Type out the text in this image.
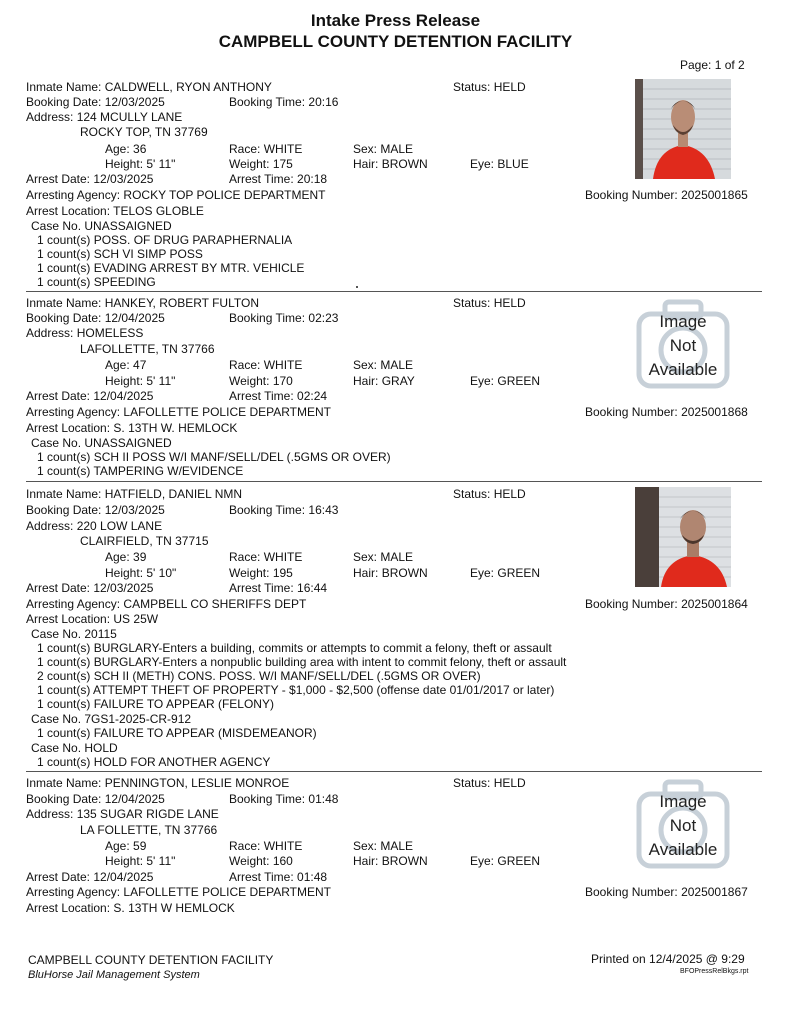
Intake Press Release
CAMPBELL COUNTY DETENTION FACILITY
Page: 1 of 2
Inmate Name: CALDWELL, RYON ANTHONY	Status: HELD
Booking Date: 12/03/2025	Booking Time: 20:16
Address: 124 MCULLY LANE
ROCKY TOP, TN 37769
Age: 36	Race: WHITE	Sex: MALE
Height: 5' 11"	Weight: 175	Hair: BROWN	Eye: BLUE
Arrest Date: 12/03/2025	Arrest Time: 20:18
Arresting Agency: ROCKY TOP POLICE DEPARTMENT	Booking Number: 2025001865
Arrest Location: TELOS GLOBLE
Case No. UNASSAIGNED
1 count(s) POSS. OF DRUG PARAPHERNALIA
1 count(s) SCH VI SIMP POSS
1 count(s) EVADING ARREST BY MTR. VEHICLE
1 count(s) SPEEDING
Inmate Name: HANKEY, ROBERT FULTON	Status: HELD
Booking Date: 12/04/2025	Booking Time: 02:23
Address: HOMELESS
LAFOLLETTE, TN 37766
Age: 47	Race: WHITE	Sex: MALE
Height: 5' 11"	Weight: 170	Hair: GRAY	Eye: GREEN
Arrest Date: 12/04/2025	Arrest Time: 02:24
Arresting Agency: LAFOLLETTE POLICE DEPARTMENT	Booking Number: 2025001868
Arrest Location: S. 13TH W. HEMLOCK
Case No. UNASSAIGNED
1 count(s) SCH II POSS W/I MANF/SELL/DEL (.5GMS OR OVER)
1 count(s) TAMPERING W/EVIDENCE
Image
Not
Available
Inmate Name: HATFIELD, DANIEL NMN	Status: HELD
Booking Date: 12/03/2025	Booking Time: 16:43
Address: 220 LOW LANE
CLAIRFIELD, TN 37715
Age: 39	Race: WHITE	Sex: MALE
Height: 5' 10"	Weight: 195	Hair: BROWN	Eye: GREEN
Arrest Date: 12/03/2025	Arrest Time: 16:44
Arresting Agency: CAMPBELL CO SHERIFFS DEPT	Booking Number: 2025001864
Arrest Location: US 25W
Case No. 20115
1 count(s) BURGLARY-Enters a building, commits or attempts to commit a felony, theft or assault
1 count(s) BURGLARY-Enters a nonpublic building area with intent to commit felony, theft or assault
2 count(s) SCH II (METH) CONS. POSS. W/I MANF/SELL/DEL (.5GMS OR OVER)
1 count(s) ATTEMPT THEFT OF PROPERTY - $1,000 - $2,500 (offense date 01/01/2017 or later)
1 count(s) FAILURE TO APPEAR (FELONY)
Case No. 7GS1-2025-CR-912
1 count(s) FAILURE TO APPEAR (MISDEMEANOR)
Case No. HOLD
1 count(s) HOLD FOR ANOTHER AGENCY
Inmate Name: PENNINGTON, LESLIE MONROE	Status: HELD
Booking Date: 12/04/2025	Booking Time: 01:48
Address: 135 SUGAR RIGDE LANE
LA FOLLETTE, TN 37766
Age: 59	Race: WHITE	Sex: MALE
Height: 5' 11"	Weight: 160	Hair: BROWN	Eye: GREEN
Arrest Date: 12/04/2025	Arrest Time: 01:48
Arresting Agency: LAFOLLETTE POLICE DEPARTMENT	Booking Number: 2025001867
Arrest Location: S. 13TH W HEMLOCK
Image
Not
Available
CAMPBELL COUNTY DETENTION FACILITY
BluHorse Jail Management System
Printed on 12/4/2025 @ 9:29
BFOPressRelBkgs.rpt
